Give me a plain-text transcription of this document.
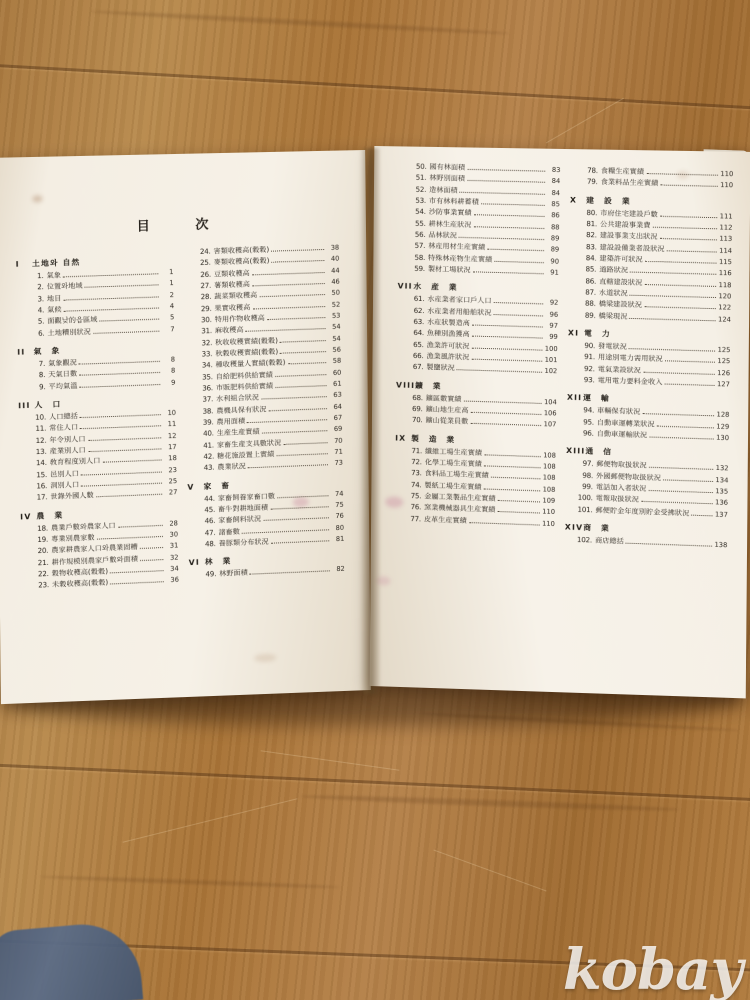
目　次
I 土地와 自然
1. 氣象	1
2. 位置와地域	1
3. 地目	2
4. 氣候	4
5. 面觀낮的읍區域	5
6. 土地糟別狀況	7
II 氣　象
7. 氣象觀況	8
8. 天氣日數	8
9. 平均氣溫	9
III 人　口
10. 人口總括	10
11. 常住人口	11
12. 年令別人口	12
13. 産業別人口	17
14. 敎育程度別人口	18
15. 邑別人口	23
16. 洞別人口	25
17. 世錄外國人數	27
IV 農　業
18. 農業戶數와農家人口	28
19. 專業別農家數	30
20. 農家耕農家人口와農業固糟	31
21. 耕作規模別農家戶數와面積	32
22. 穀物收穫高(穀穀)	34
23. 未穀收穫高(穀穀)	36
24. 害類收穫高(穀穀)	38
25. 麥類收穫高(穀穀)	40
26. 豆類收穫高	44
27. 薯類收穫高	46
28. 蔬菜類收穫高	50
29. 果實收穫高	52
30. 特用作物收穫高	53
31. 麻收穫高	54
32. 秋收收穫實績(穀穀)	54
33. 秋穀收穫實績(穀穀)	56
34. 種收穫量人實績(穀穀)	58
35. 自給肥料供給實績	60
36. 市販肥料供給實績	61
37. 水利組合狀況	63
38. 農機具保有狀況	64
39. 農用面積	67
40. 生産生産實績	69
41. 家畜生産支具數狀況	70
42. 糖花施設置上實績	71
43. 農業狀況	73
V 家　畜
44. 家畜飼養家畜口數	74
45. 畜牛對耕地面積	75
46. 家畜飼料狀況	76
47. 諸畜數	80
48. 養豚類分布狀況	81
VI 林　業
49. 林野面積	82
50. 國有林面積	83
51. 林野別面積	84
52. 造林面積	84
53. 市有林料耕蓄積	85
54. 沙防事業實績	86
55. 耕林生産狀況	88
56. 品林狀況	89
57. 林産用材生産實績	89
58. 特殊林産物生産實績	90
59. 製材工場狀況	91
VII水　産　業
61. 水産業者家口戶人口	92
62. 水産業者用船舶狀況	96
63. 水産狀製造高	97
64. 魚種別漁獲高	99
65. 漁業許可狀況	100
66. 漁業風許狀況	101
67. 製鹽狀況	102
VIII鑛　業
68. 鑛區數實績	104
69. 鑛山地生産高	106
70. 鑛山從業員數	107
IX 製　造　業
71. 纖維工場生産實績	108
72. 化學工場生産實績	108
73. 食料品工場生産實績	108
74. 製紙工場生産實績	108
75. 金屬工業製品生産實績	109
76. 窯業機械器具生産實績	110
77. 皮革生産實績	110
78. 食糧生産實績	110
79. 食業料品生産實績	110
X 建　設　業
80. 市府住宅建設戶數	111
81. 公共建設事業費	112
82. 建設事業支出狀況	113
83. 建設設備業者設狀況	114
84. 建築許可狀況	115
85. 道路狀況	116
86. 直轄建設狀況	118
87. 水道狀況	120
88. 橋梁建設狀況	122
89. 橋梁現況	124
XI 電　力
90. 發電狀況	125
91. 用途別電力需用狀況	125
92. 電氣業設狀況	126
93. 電用電力要料金收入	127
XII運　輸
94. 車輛保有狀況	128
95. 自動車運轉業狀況	129
96. 自動車運輸狀況	130
XIII通　信
97. 郵便物取扱狀況	132
98. 外國郵便物取扱狀況	134
99. 電話加入者狀況	135
100. 電報取扱狀況	136
101. 郵便貯金年度別貯金受拂狀況	137
XIV商　業
102. 商店總括	138
kobay
